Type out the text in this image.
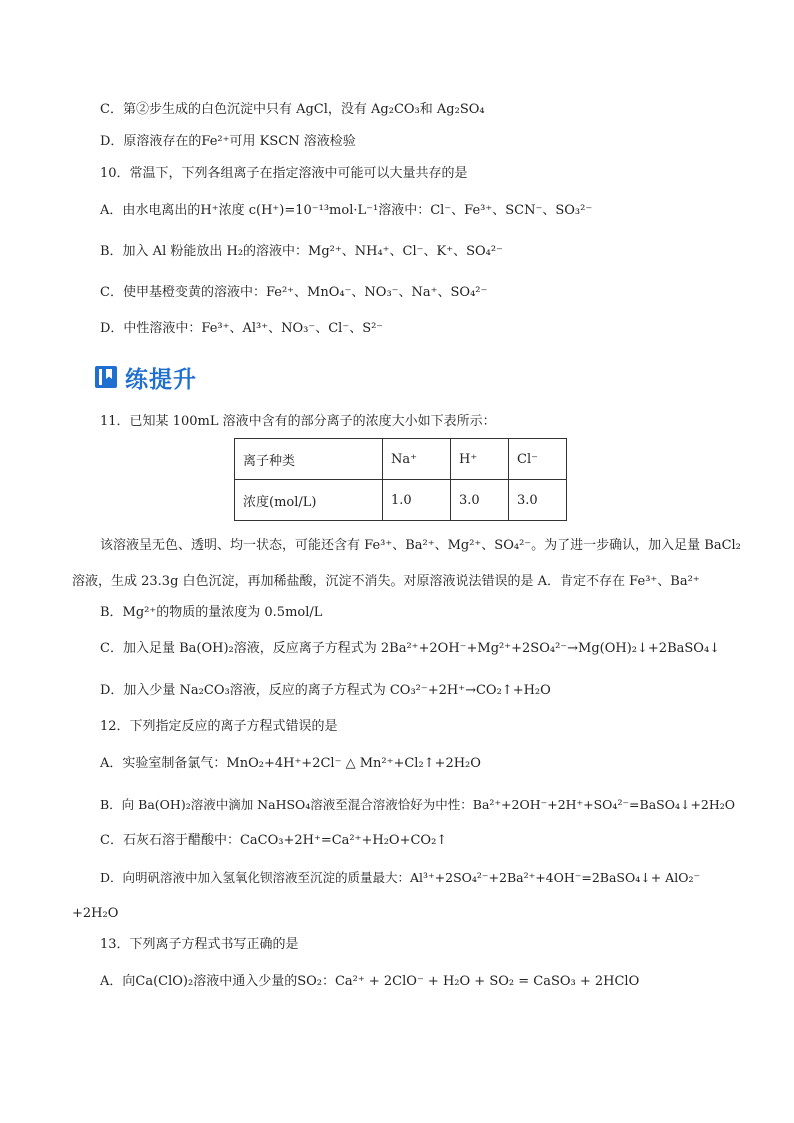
C．第②步生成的白色沉淀中只有 AgCl，没有 Ag₂CO₃和 Ag₂SO₄
D．原溶液存在的Fe²⁺可用 KSCN 溶液检验
10．常温下，下列各组离子在指定溶液中可能可以大量共存的是
A．由水电离出的H⁺浓度 c(H⁺)=10⁻¹³mol·L⁻¹溶液中：Cl⁻、Fe³⁺、SCN⁻、SO₃²⁻
B．加入 Al 粉能放出 H₂的溶液中：Mg²⁺、NH₄⁺、Cl⁻、K⁺、SO₄²⁻
C．使甲基橙变黄的溶液中：Fe²⁺、MnO₄⁻、NO₃⁻、Na⁺、SO₄²⁻
D．中性溶液中：Fe³⁺、Al³⁺、NO₃⁻、Cl⁻、S²⁻
练提升
11．已知某 100mL 溶液中含有的部分离子的浓度大小如下表所示：
离子种类	Na⁺	H⁺	Cl⁻
浓度(mol/L)	1.0	3.0	3.0
该溶液呈无色、透明、均一状态，可能还含有 Fe³⁺、Ba²⁺、Mg²⁺、SO₄²⁻。为了进一步确认，加入足量 BaCl₂
溶液，生成 23.3g 白色沉淀，再加稀盐酸，沉淀不消失。对原溶液说法错误的是 A．肯定不存在 Fe³⁺、Ba²⁺
B．Mg²⁺的物质的量浓度为 0.5mol/L
C．加入足量 Ba(OH)₂溶液，反应离子方程式为 2Ba²⁺+2OH⁻+Mg²⁺+2SO₄²⁻→Mg(OH)₂↓+2BaSO₄↓
D．加入少量 Na₂CO₃溶液，反应的离子方程式为 CO₃²⁻+2H⁺→CO₂↑+H₂O
12．下列指定反应的离子方程式错误的是
A．实验室制备氯气：MnO₂+4H⁺+2Cl⁻ △ Mn²⁺+Cl₂↑+2H₂O
B．向 Ba(OH)₂溶液中滴加 NaHSO₄溶液至混合溶液恰好为中性：Ba²⁺+2OH⁻+2H⁺+SO₄²⁻=BaSO₄↓+2H₂O
C．石灰石溶于醋酸中：CaCO₃+2H⁺=Ca²⁺+H₂O+CO₂↑
D．向明矾溶液中加入氢氧化钡溶液至沉淀的质量最大：Al³⁺+2SO₄²⁻+2Ba²⁺+4OH⁻=2BaSO₄↓+ AlO₂⁻
+2H₂O
13．下列离子方程式书写正确的是
A．向Ca(ClO)₂溶液中通入少量的SO₂：Ca²⁺ + 2ClO⁻ + H₂O + SO₂ = CaSO₃ + 2HClO
